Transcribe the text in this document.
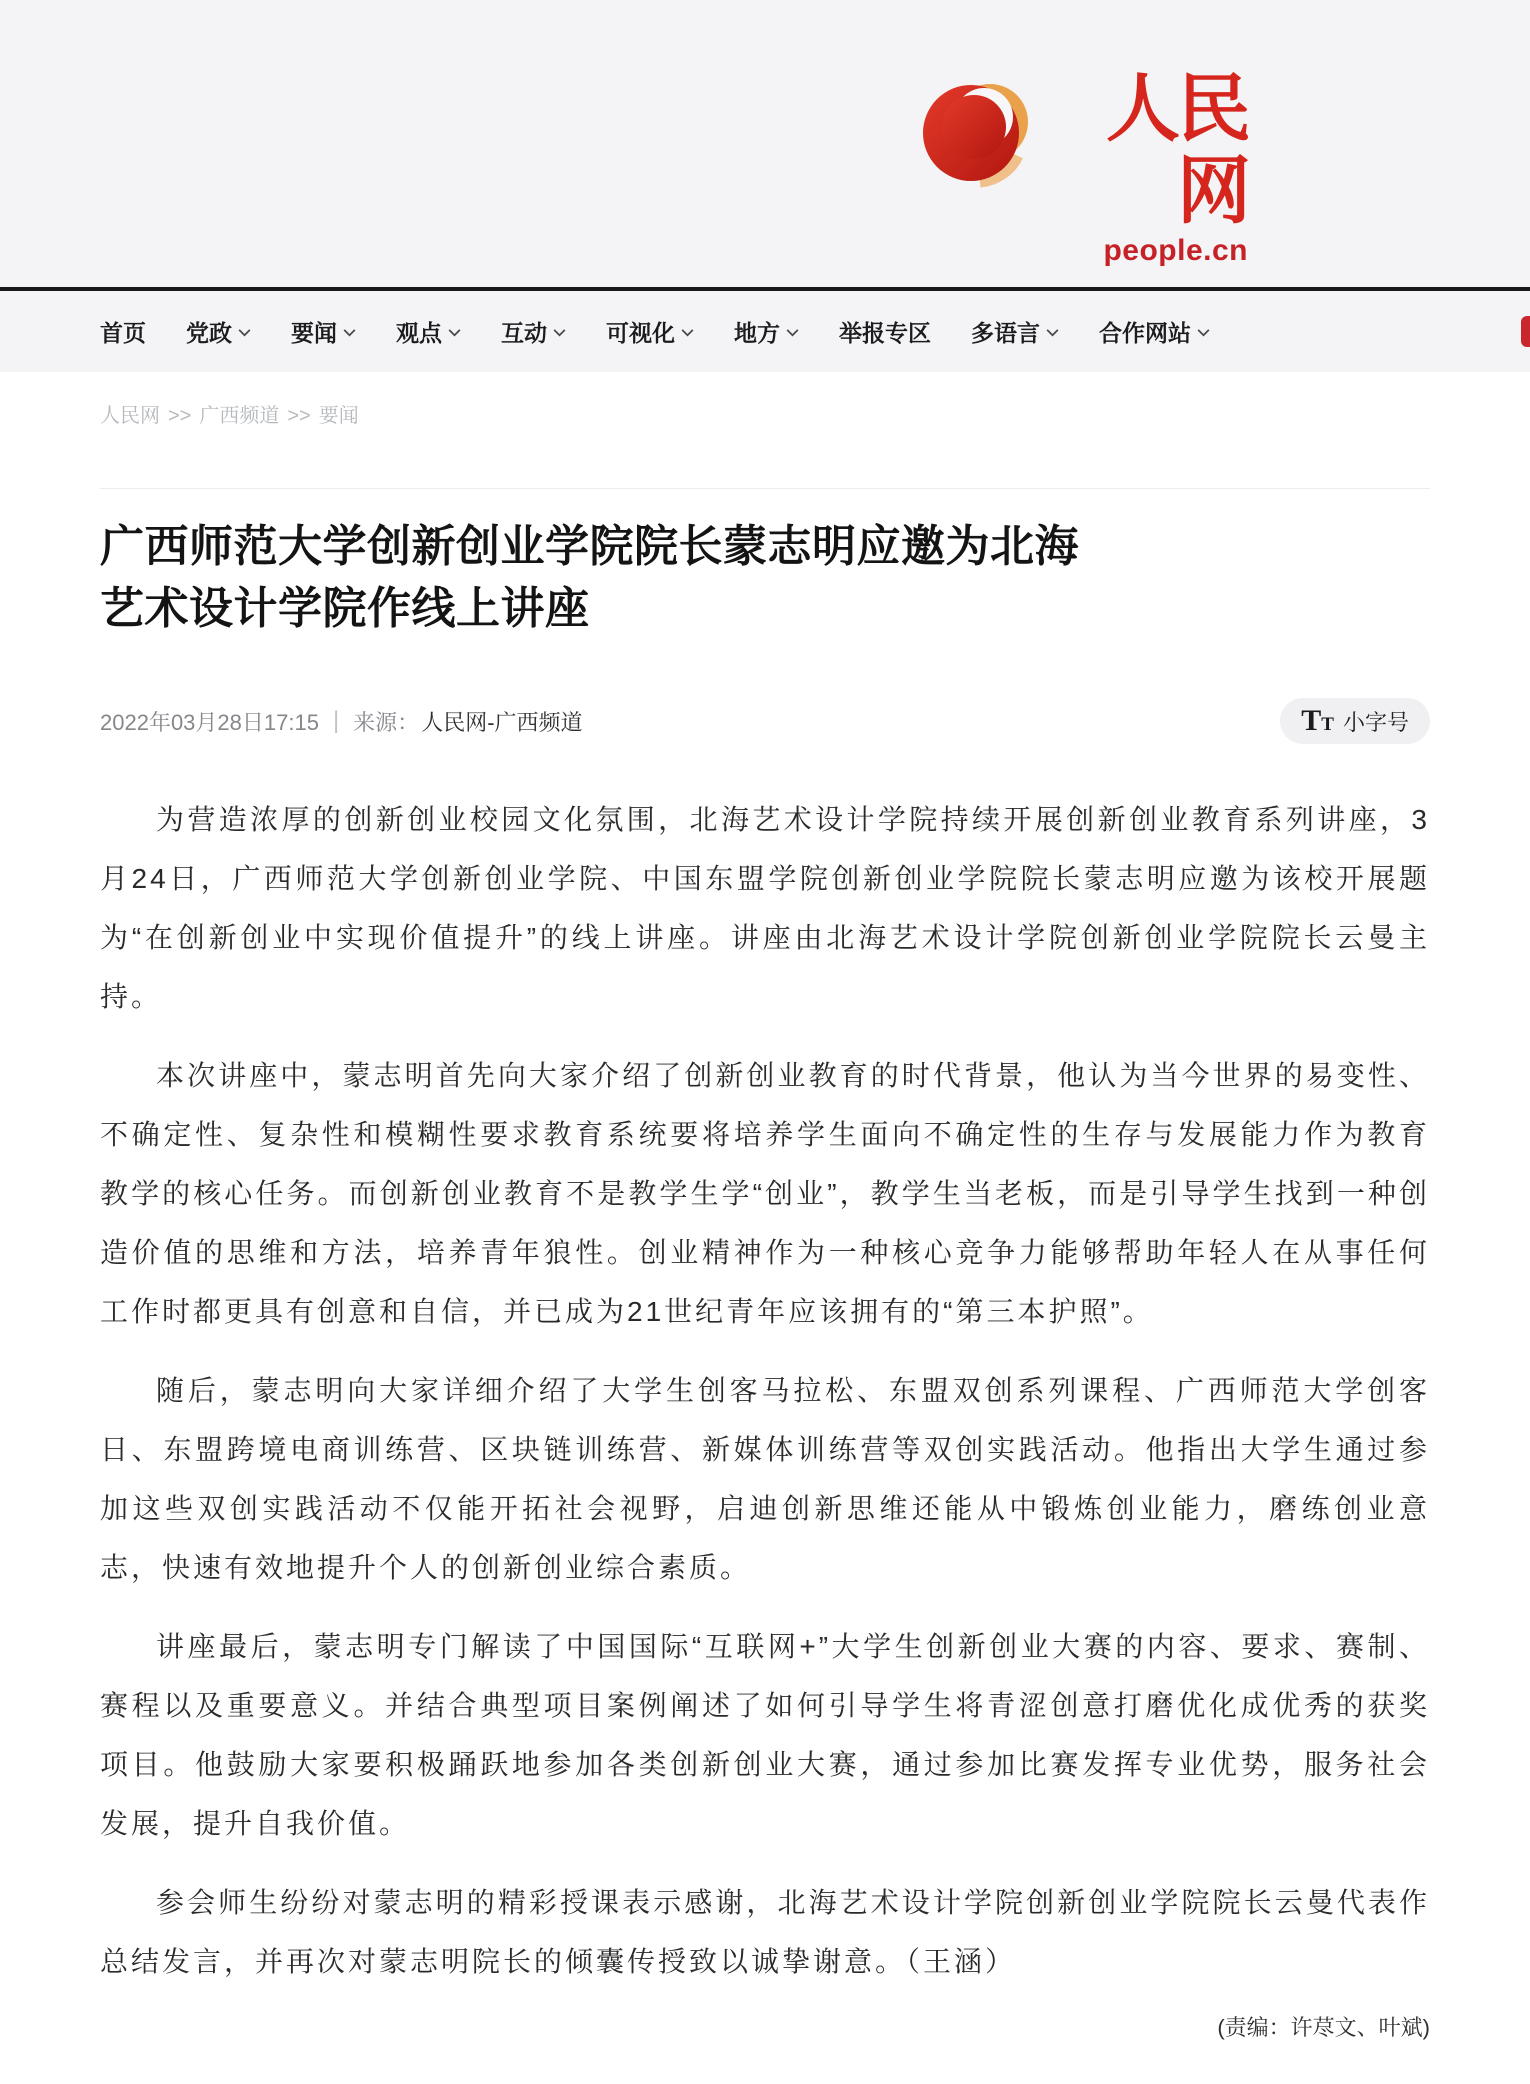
人民网
people.cn
首页 党政	要闻	观点	互动	可视化	地方	举报专区 多语言	合作网站
人民网 >> 广西频道 >> 要闻
广西师范大学创新创业学院院长蒙志明应邀为北海艺术设计学院作线上讲座
2022年03月28日17:15 | 来源： 人民网-广西频道	T T 小字号

为营造浓厚的创新创业校园文化氛围，北海艺术设计学院持续开展创新创业教育系列讲座，3月24日，广西师范大学创新创业学院、中国东盟学院创新创业学院院长蒙志明应邀为该校开展题为“在创新创业中实现价值提升”的线上讲座。讲座由北海艺术设计学院创新创业学院院长云曼主持。

本次讲座中，蒙志明首先向大家介绍了创新创业教育的时代背景，他认为当今世界的易变性、不确定性、复杂性和模糊性要求教育系统要将培养学生面向不确定性的生存与发展能力作为教育教学的核心任务。而创新创业教育不是教学生学“创业”，教学生当老板，而是引导学生找到一种创造价值的思维和方法，培养青年狼性。创业精神作为一种核心竞争力能够帮助年轻人在从事任何工作时都更具有创意和自信，并已成为21世纪青年应该拥有的“第三本护照”。

随后，蒙志明向大家详细介绍了大学生创客马拉松、东盟双创系列课程、广西师范大学创客日、东盟跨境电商训练营、区块链训练营、新媒体训练营等双创实践活动。他指出大学生通过参加这些双创实践活动不仅能开拓社会视野，启迪创新思维还能从中锻炼创业能力，磨练创业意志，快速有效地提升个人的创新创业综合素质。

讲座最后，蒙志明专门解读了中国国际“互联网+”大学生创新创业大赛的内容、要求、赛制、赛程以及重要意义。并结合典型项目案例阐述了如何引导学生将青涩创意打磨优化成优秀的获奖项目。他鼓励大家要积极踊跃地参加各类创新创业大赛，通过参加比赛发挥专业优势，服务社会发展，提升自我价值。

参会师生纷纷对蒙志明的精彩授课表示感谢，北海艺术设计学院创新创业学院院长云曼代表作总结发言，并再次对蒙志明院长的倾囊传授致以诚挚谢意。（王涵）

(责编：许荩文、叶斌)
